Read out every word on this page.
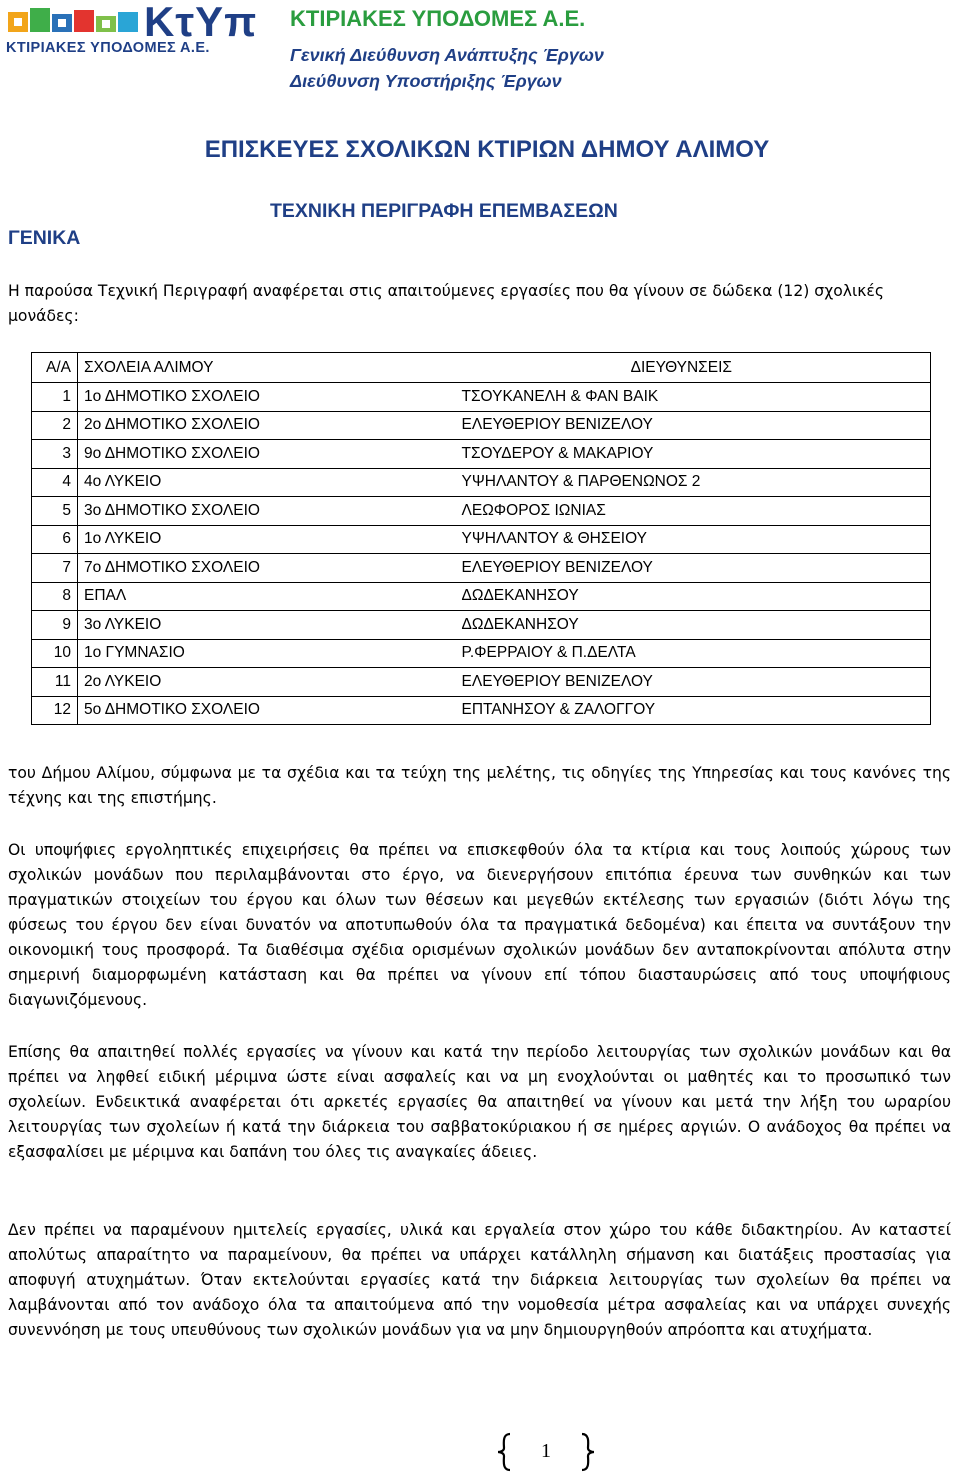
ΚτΥπ
ΚΤΙΡΙΑΚΕΣ ΥΠΟΔΟΜΕΣ Α.Ε.
ΚΤΙΡΙΑΚΕΣ ΥΠΟΔΟΜΕΣ Α.Ε.
Γενική Διεύθυνση Ανάπτυξης Έργων
Διεύθυνση Υποστήριξης Έργων
ΕΠΙΣΚΕΥΕΣ ΣΧΟΛΙΚΩΝ ΚΤΙΡΙΩΝ ΔΗΜΟΥ ΑΛΙΜΟΥ
ΤΕΧΝΙΚΗ ΠΕΡΙΓΡΑΦΗ ΕΠΕΜΒΑΣΕΩΝ
ΓΕΝΙΚΑ
Η παρούσα Τεχνική Περιγραφή αναφέρεται στις απαιτούμενες εργασίες που θα γίνουν σε δώδεκα (12) σχολικές μονάδες:
Α/Α	ΣΧΟΛΕΙΑ ΑΛΙΜΟΥ	ΔΙΕΥΘΥΝΣΕΙΣ
1	1ο ΔΗΜΟΤΙΚΟ ΣΧΟΛΕΙΟ	ΤΣΟΥΚΑΝΕΛΗ & ΦΑΝ ΒΑΙΚ
2	2ο ΔΗΜΟΤΙΚΟ ΣΧΟΛΕΙΟ	ΕΛΕΥΘΕΡΙΟΥ ΒΕΝΙΖΕΛΟΥ
3	9ο ΔΗΜΟΤΙΚΟ ΣΧΟΛΕΙΟ	ΤΣΟΥΔΕΡΟΥ & ΜΑΚΑΡΙΟΥ
4	4ο ΛΥΚΕΙΟ	ΥΨΗΛΑΝΤΟΥ & ΠΑΡΘΕΝΩΝΟΣ 2
5	3ο ΔΗΜΟΤΙΚΟ ΣΧΟΛΕΙΟ	ΛΕΩΦΟΡΟΣ ΙΩΝΙΑΣ
6	1ο ΛΥΚΕΙΟ	ΥΨΗΛΑΝΤΟΥ & ΘΗΣΕΙΟΥ
7	7ο ΔΗΜΟΤΙΚΟ ΣΧΟΛΕΙΟ	ΕΛΕΥΘΕΡΙΟΥ ΒΕΝΙΖΕΛΟΥ
8	ΕΠΑΛ	ΔΩΔΕΚΑΝΗΣΟΥ
9	3ο ΛΥΚΕΙΟ	ΔΩΔΕΚΑΝΗΣΟΥ
10	1ο ΓΥΜΝΑΣΙΟ	Ρ.ΦΕΡΡΑΙΟΥ & Π.ΔΕΛΤΑ
11	2ο ΛΥΚΕΙΟ	ΕΛΕΥΘΕΡΙΟΥ ΒΕΝΙΖΕΛΟΥ
12	5ο ΔΗΜΟΤΙΚΟ ΣΧΟΛΕΙΟ	ΕΠΤΑΝΗΣΟΥ & ΖΑΛΟΓΓΟΥ
του Δήμου Αλίμου, σύμφωνα με τα σχέδια και τα τεύχη της μελέτης, τις οδηγίες της Υπηρεσίας και τους κανόνες της τέχνης και της επιστήμης.
Οι υποψήφιες εργοληπτικές επιχειρήσεις θα πρέπει να επισκεφθούν όλα τα κτίρια και τους λοιπούς χώρους των σχολικών μονάδων που περιλαμβάνονται στο έργο, να διενεργήσουν επιτόπια έρευνα των συνθηκών και των πραγματικών στοιχείων του έργου και όλων των θέσεων και μεγεθών εκτέλεσης των εργασιών (διότι λόγω της φύσεως του έργου δεν είναι δυνατόν να αποτυπωθούν όλα τα πραγματικά δεδομένα) και έπειτα να συντάξουν την οικονομική τους προσφορά. Τα διαθέσιμα σχέδια ορισμένων σχολικών μονάδων δεν ανταποκρίνονται απόλυτα στην σημερινή διαμορφωμένη κατάσταση και θα πρέπει να γίνουν επί τόπου διασταυρώσεις από τους υποψήφιους διαγωνιζόμενους.
Επίσης θα απαιτηθεί πολλές εργασίες να γίνουν και κατά την περίοδο λειτουργίας των σχολικών μονάδων και θα πρέπει να ληφθεί ειδική μέριμνα ώστε είναι ασφαλείς και να μη ενοχλούνται οι μαθητές και το προσωπικό των σχολείων. Ενδεικτικά αναφέρεται ότι αρκετές εργασίες θα απαιτηθεί να γίνουν και μετά την λήξη του ωραρίου λειτουργίας των σχολείων ή κατά την διάρκεια του σαββατοκύριακου ή σε ημέρες αργιών. Ο ανάδοχος θα πρέπει να εξασφαλίσει με μέριμνα και δαπάνη του όλες τις αναγκαίες άδειες.
Δεν πρέπει να παραμένουν ημιτελείς εργασίες, υλικά και εργαλεία στον χώρο του κάθε διδακτηρίου. Αν καταστεί απολύτως απαραίτητο να παραμείνουν, θα πρέπει να υπάρχει κατάλληλη σήμανση και διατάξεις προστασίας για αποφυγή ατυχημάτων. Όταν εκτελούνται εργασίες κατά την διάρκεια λειτουργίας των σχολείων θα πρέπει να λαμβάνονται από τον ανάδοχο όλα τα απαιτούμενα από την νομοθεσία μέτρα ασφαλείας και να υπάρχει συνεχής συνεννόηση με τους υπευθύνους των σχολικών μονάδων για να μην δημιουργηθούν απρόοπτα και ατυχήματα.
1
